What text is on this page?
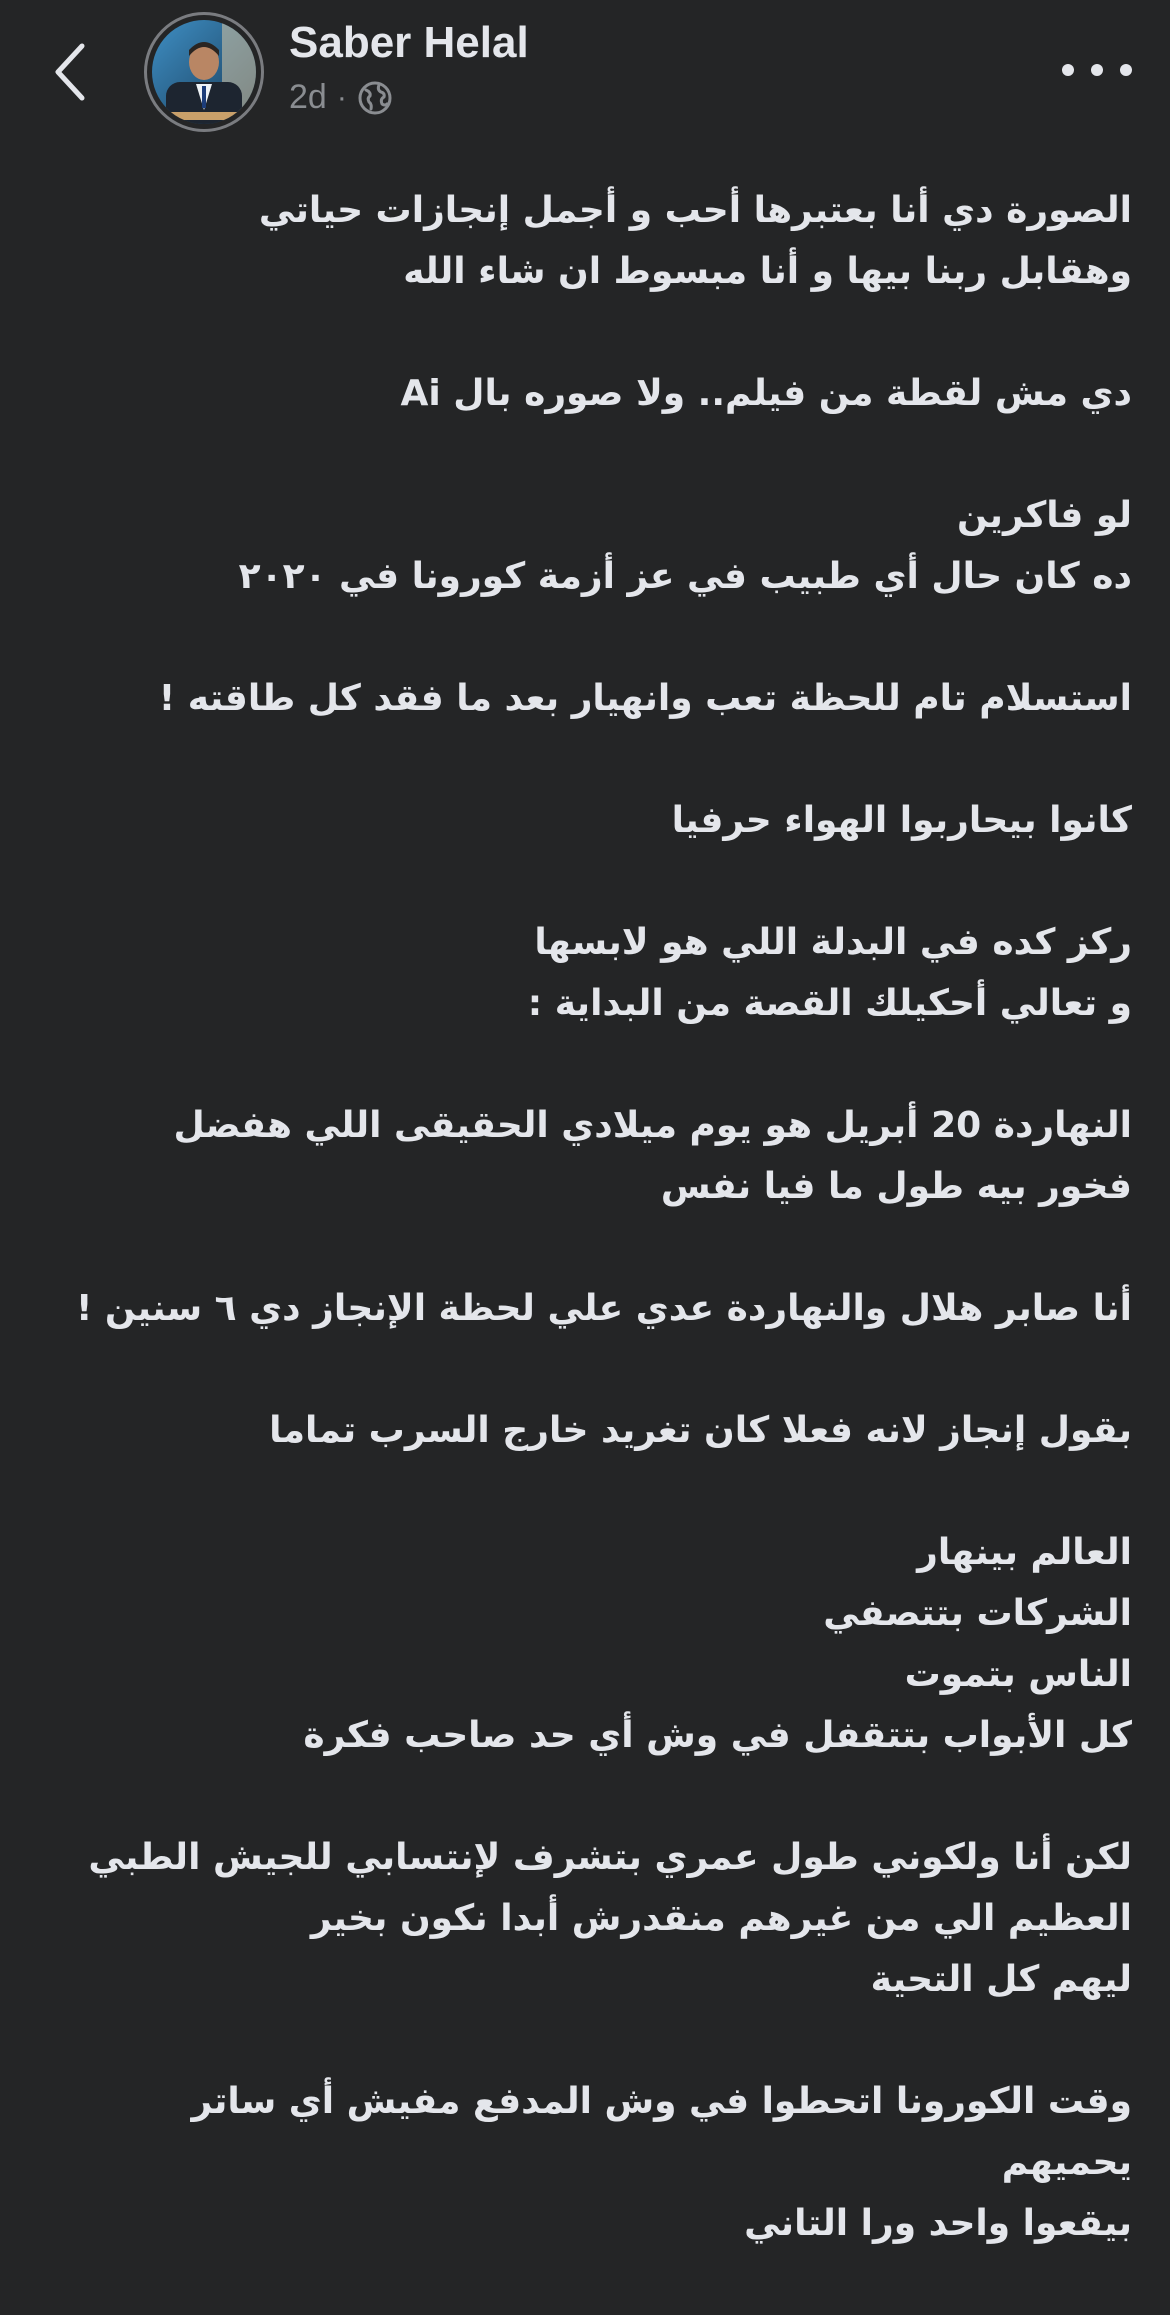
Saber Helal
2d ·
الصورة دي أنا بعتبرها أحب و أجمل إنجازات حياتي
وهقابل ربنا بيها و أنا مبسوط ان شاء الله
دي مش لقطة من فيلم.. ولا صوره بال Ai
لو فاكرين
ده كان حال أي طبيب في عز أزمة كورونا في ٢٠٢٠
استسلام تام للحظة تعب وانهيار بعد ما فقد كل طاقته !
كانوا بيحاربوا الهواء حرفيا
ركز كده في البدلة اللي هو لابسها
و تعالي أحكيلك القصة من البداية :
النهاردة 20 أبريل هو يوم ميلادي الحقيقى اللي هفضل
فخور بيه طول ما فيا نفس
أنا صابر هلال والنهاردة عدي علي لحظة الإنجاز دي ٦ سنين !
بقول إنجاز لانه فعلا كان تغريد خارج السرب تماما
العالم بينهار
الشركات بتتصفي
الناس بتموت
كل الأبواب بتتقفل في وش أي حد صاحب فكرة
لكن أنا ولكوني طول عمري بتشرف لإنتسابي للجيش الطبي
العظيم الي من غيرهم منقدرش أبدا نكون بخير
ليهم كل التحية
وقت الكورونا اتحطوا في وش المدفع مفيش أي ساتر
يحميهم
بيقعوا واحد ورا التاني
